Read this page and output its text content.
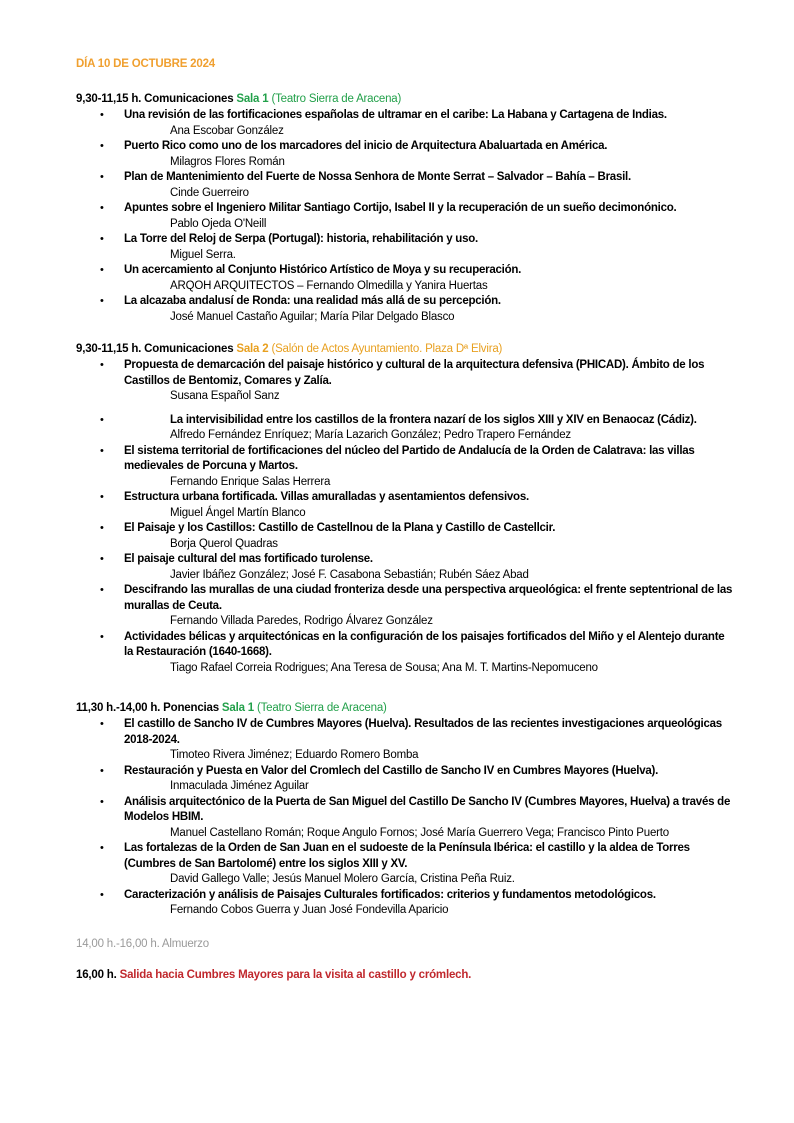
DÍA 10 DE OCTUBRE 2024
9,30-11,15 h. Comunicaciones Sala 1 (Teatro Sierra de Aracena)
• Una revisión de las fortificaciones españolas de ultramar en el caribe: La Habana y Cartagena de Indias.
Ana Escobar González
• Puerto Rico como uno de los marcadores del inicio de Arquitectura Abaluartada en América.
Milagros Flores Román
• Plan de Mantenimiento del Fuerte de Nossa Senhora de Monte Serrat – Salvador – Bahía – Brasil.
Cinde Guerreiro
• Apuntes sobre el Ingeniero Militar Santiago Cortijo, Isabel II y la recuperación de un sueño decimonónico.
Pablo Ojeda O'Neill
• La Torre del Reloj de Serpa (Portugal): historia, rehabilitación y uso.
Miguel Serra.
• Un acercamiento al Conjunto Histórico Artístico de Moya y su recuperación.
ARQOH ARQUITECTOS – Fernando Olmedilla y Yanira Huertas
• La alcazaba andalusí de Ronda: una realidad más allá de su percepción.
José Manuel Castaño Aguilar; María Pilar Delgado Blasco
9,30-11,15 h. Comunicaciones Sala 2 (Salón de Actos Ayuntamiento. Plaza Dª Elvira)
• Propuesta de demarcación del paisaje histórico y cultural de la arquitectura defensiva (PHICAD). Ámbito de los Castillos de Bentomiz, Comares y Zalía.
Susana Español Sanz
•	La intervisibilidad entre los castillos de la frontera nazarí de los siglos XIII y XIV en Benaocaz (Cádiz).
Alfredo Fernández Enríquez; María Lazarich González; Pedro Trapero Fernández
• El sistema territorial de fortificaciones del núcleo del Partido de Andalucía de la Orden de Calatrava: las villas medievales de Porcuna y Martos.
Fernando Enrique Salas Herrera
• Estructura urbana fortificada. Villas amuralladas y asentamientos defensivos.
Miguel Ángel Martín Blanco
• El Paisaje y los Castillos: Castillo de Castellnou de la Plana y Castillo de Castellcir.
Borja Querol Quadras
• El paisaje cultural del mas fortificado turolense.
Javier Ibáñez González; José F. Casabona Sebastián; Rubén Sáez Abad
• Descifrando las murallas de una ciudad fronteriza desde una perspectiva arqueológica: el frente septentrional de las murallas de Ceuta.
Fernando Villada Paredes, Rodrigo Álvarez González
• Actividades bélicas y arquitectónicas en la configuración de los paisajes fortificados del Miño y el Alentejo durante la Restauración (1640-1668).
Tiago Rafael Correia Rodrigues; Ana Teresa de Sousa; Ana M. T. Martins-Nepomuceno
11,30 h.-14,00 h. Ponencias Sala 1 (Teatro Sierra de Aracena)
• El castillo de Sancho IV de Cumbres Mayores (Huelva). Resultados de las recientes investigaciones arqueológicas 2018-2024.
Timoteo Rivera Jiménez; Eduardo Romero Bomba
• Restauración y Puesta en Valor del Cromlech del Castillo de Sancho IV en Cumbres Mayores (Huelva).
Inmaculada Jiménez Aguilar
• Análisis arquitectónico de la Puerta de San Miguel del Castillo De Sancho IV (Cumbres Mayores, Huelva) a través de Modelos HBIM.
Manuel Castellano Román; Roque Angulo Fornos; José María Guerrero Vega; Francisco Pinto Puerto
• Las fortalezas de la Orden de San Juan en el sudoeste de la Península Ibérica: el castillo y la aldea de Torres (Cumbres de San Bartolomé) entre los siglos XIII y XV.
David Gallego Valle; Jesús Manuel Molero García, Cristina Peña Ruiz.
• Caracterización y análisis de Paisajes Culturales fortificados: criterios y fundamentos metodológicos.
Fernando Cobos Guerra y Juan José Fondevilla Aparicio
14,00 h.-16,00 h. Almuerzo
16,00 h. Salida hacia Cumbres Mayores para la visita al castillo y crómlech.
